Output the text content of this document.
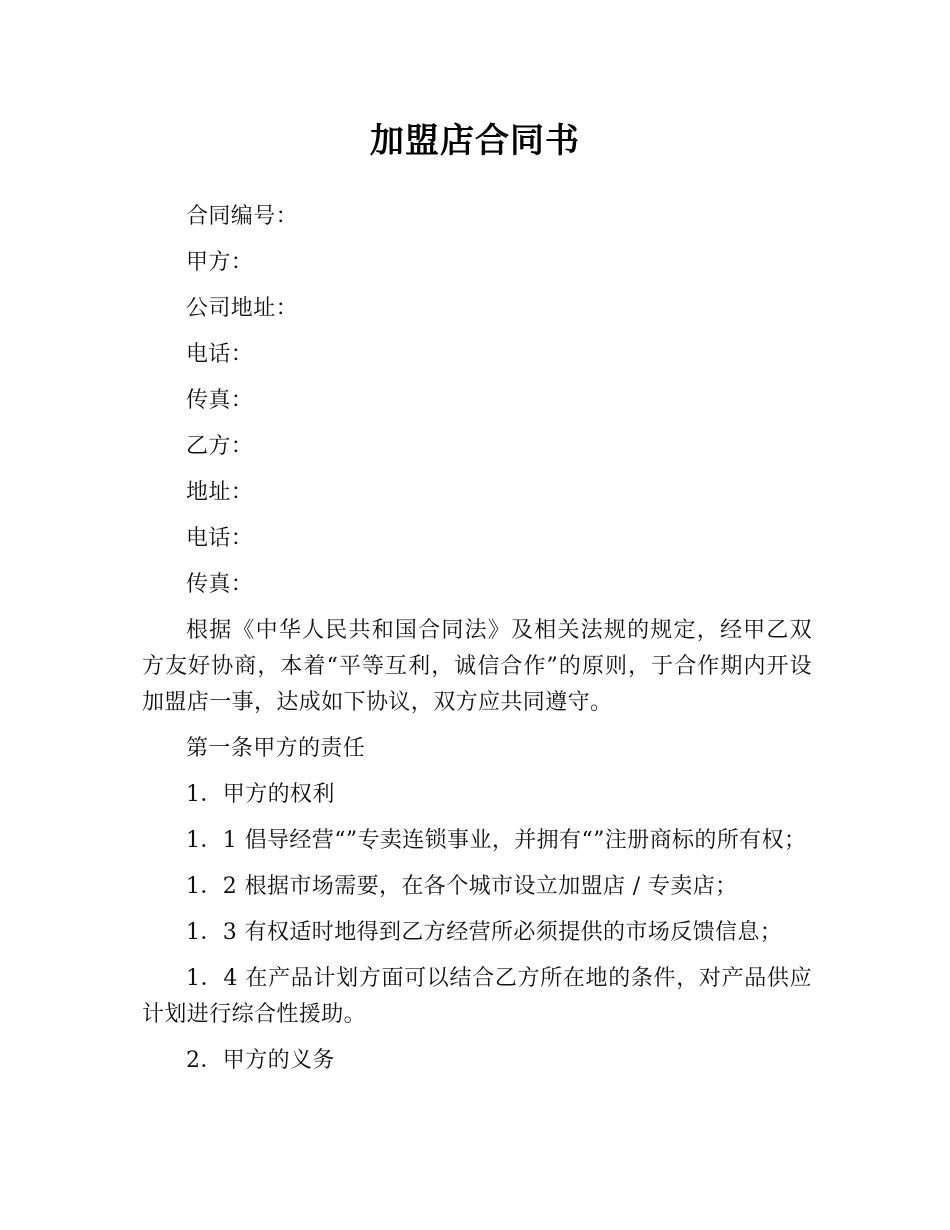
加盟店合同书
合同编号：
甲方：
公司地址：
电话：
传真：
乙方：
地址：
电话：
传真：

根据《中华人民共和国合同法》及相关法规的规定，经甲乙双方友好协商，本着“平等互利，诚信合作”的原则，于合作期内开设加盟店一事，达成如下协议，双方应共同遵守。

第一条甲方的责任

1．甲方的权利

1．1 倡导经营“”专卖连锁事业，并拥有“”注册商标的所有权；

1．2 根据市场需要，在各个城市设立加盟店 / 专卖店；

1．3 有权适时地得到乙方经营所必须提供的市场反馈信息；

1．4 在产品计划方面可以结合乙方所在地的条件，对产品供应计划进行综合性援助。

2．甲方的义务
